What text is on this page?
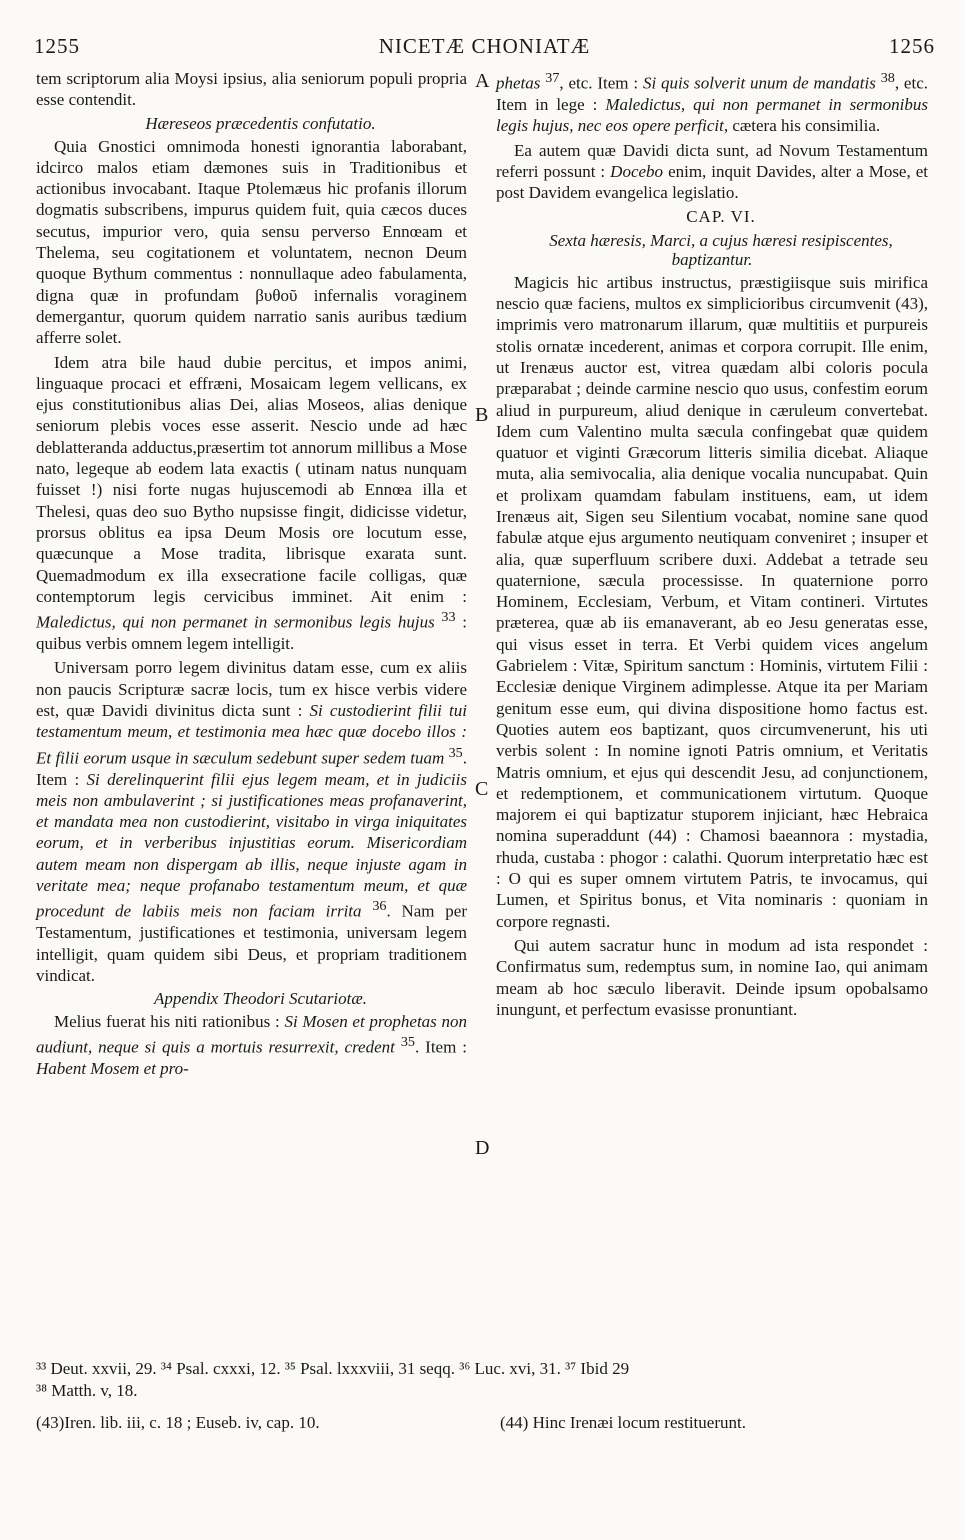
1255	NICETÆ CHONIATÆ	1256

tem scriptorum alia Moysi ipsius, alia seniorum populi propria esse contendit.

Hæreseos præcedentis confutatio.

Quia Gnostici omnimoda honesti ignorantia laborabant, idcirco malos etiam dæmones suis in Traditionibus et actionibus invocabant. Itaque Ptolemæus hic profanis illorum dogmatis subscribens, impurus quidem fuit, quia cæcos duces secutus, impurior vero, quia sensu perverso Ennœam et Thelema, seu cogitationem et voluntatem, necnon Deum quoque Bythum commentus : nonnullaque adeo fabulamenta, digna quæ in profundam βυθοῦ infernalis voraginem demergantur, quorum quidem narratio sanis auribus tædium afferre solet.

Idem atra bile haud dubie percitus, et impos animi, linguaque procaci et effræni, Mosaicam legem vellicans, ex ejus constitutionibus alias Dei, alias Moseos, alias denique seniorum plebis voces esse asserit. Nescio unde ad hæc deblatteranda adductus,præsertim tot annorum millibus a Mose nato, legeque ab eodem lata exactis ( utinam natus nunquam fuisset !) nisi forte nugas hujuscemodi ab Ennœa illa et Thelesi, quas deo suo Bytho nupsisse fingit, didicisse videtur, prorsus oblitus ea ipsa Deum Mosis ore locutum esse, quæcunque a Mose tradita, librisque exarata sunt. Quemadmodum ex illa exsecratione facile colligas, quæ contemptorum legis cervicibus imminet. Ait enim : Maledictus, qui non permanet in sermonibus legis hujus $^{33}$ : quibus verbis omnem legem intelligit.

Universam porro legem divinitus datam esse, cum ex aliis non paucis Scripturæ sacræ locis, tum ex hisce verbis videre est, quæ Davidi divinitus dicta sunt : Si custodierint filii tui testamentum meum, et testimonia mea hæc quæ docebo illos : Et filii eorum usque in sæculum sedebunt super sedem tuam $^{35}$. Item : Si derelinquerint filii ejus legem meam, et in judiciis meis non ambulaverint ; si justificationes meas profanaverint, et mandata mea non custodierint, visitabo in virga iniquitates eorum, et in verberibus injustitias eorum. Misericordiam autem meam non dispergam ab illis, neque injuste agam in veritate mea; neque profanabo testamentum meum, et quæ procedunt de labiis meis non faciam irrita $^{36}$. Nam per Testamentum, justificationes et testimonia, universam legem intelligit, quam quidem sibi Deus, et propriam traditionem vindicat.

Appendix Theodori Scutariotæ.

Melius fuerat his niti rationibus : Si Mosen et prophetas non audiunt, neque si quis a mortuis resurrexit, credent $^{35}$. Item : Habent Mosem et pro-

A
B
C
D

phetas $^{37}$, etc. Item : Si quis solverit unum de mandatis $^{38}$, etc. Item in lege : Maledictus, qui non permanet in sermonibus legis hujus, nec eos opere perficit, cætera his consimilia.

Ea autem quæ Davidi dicta sunt, ad Novum Testamentum referri possunt : Docebo enim, inquit Davides, alter a Mose, et post Davidem evangelica legislatio.

CAP. VI.

Sexta hæresis, Marci, a cujus hæresi resipiscentes, baptizantur.

Magicis hic artibus instructus, præstigiisque suis mirifica nescio quæ faciens, multos ex simplicioribus circumvenit (43), imprimis vero matronarum illarum, quæ multitiis et purpureis stolis ornatæ incederent, animas et corpora corrupit. Ille enim, ut Irenæus auctor est, vitrea quædam albi coloris pocula præparabat ; deinde carmine nescio quo usus, confestim eorum aliud in purpureum, aliud denique in cæruleum convertebat. Idem cum Valentino multa sæcula confingebat quæ quidem quatuor et viginti Græcorum litteris similia dicebat. Aliaque muta, alia semivocalia, alia denique vocalia nuncupabat. Quin et prolixam quamdam fabulam instituens, eam, ut idem Irenæus ait, Sigen seu Silentium vocabat, nomine sane quod fabulæ atque ejus argumento neutiquam conveniret ; insuper et alia, quæ superfluum scribere duxi. Addebat a tetrade seu quaternione, sæcula processisse. In quaternione porro Hominem, Ecclesiam, Verbum, et Vitam contineri. Virtutes præterea, quæ ab iis emanaverant, ab eo Jesu generatas esse, qui visus esset in terra. Et Verbi quidem vices angelum Gabrielem : Vitæ, Spiritum sanctum : Hominis, virtutem Filii : Ecclesiæ denique Virginem adimplesse. Atque ita per Mariam genitum esse eum, qui divina dispositione homo factus est. Quoties autem eos baptizant, quos circumvenerunt, his uti verbis solent : In nomine ignoti Patris omnium, et Veritatis Matris omnium, et ejus qui descendit Jesu, ad conjunctionem, et redemptionem, et communicationem virtutum. Quoque majorem ei qui baptizatur stuporem injiciant, hæc Hebraica nomina superaddunt (44) : Chamosi baeannora : mystadia, rhuda, custaba : phogor : calathi. Quorum interpretatio hæc est : O qui es super omnem virtutem Patris, te invocamus, qui Lumen, et Spiritus bonus, et Vita nominaris : quoniam in corpore regnasti.

Qui autem sacratur hunc in modum ad ista respondet : Confirmatus sum, redemptus sum, in nomine Iao, qui animam meam ab hoc sæculo liberavit. Deinde ipsum opobalsamo inungunt, et perfectum evasisse pronuntiant.

³³ Deut. xxvii, 29. ³⁴ Psal. cxxxi, 12. ³⁵ Psal. lxxxviii, 31 seqq. ³⁶ Luc. xvi, 31. ³⁷ Ibid 29
³⁸ Matth. v, 18.
(43)Iren. lib. iii, c. 18 ; Euseb. iv, cap. 10.	(44) Hinc Irenæi locum restituerunt.
